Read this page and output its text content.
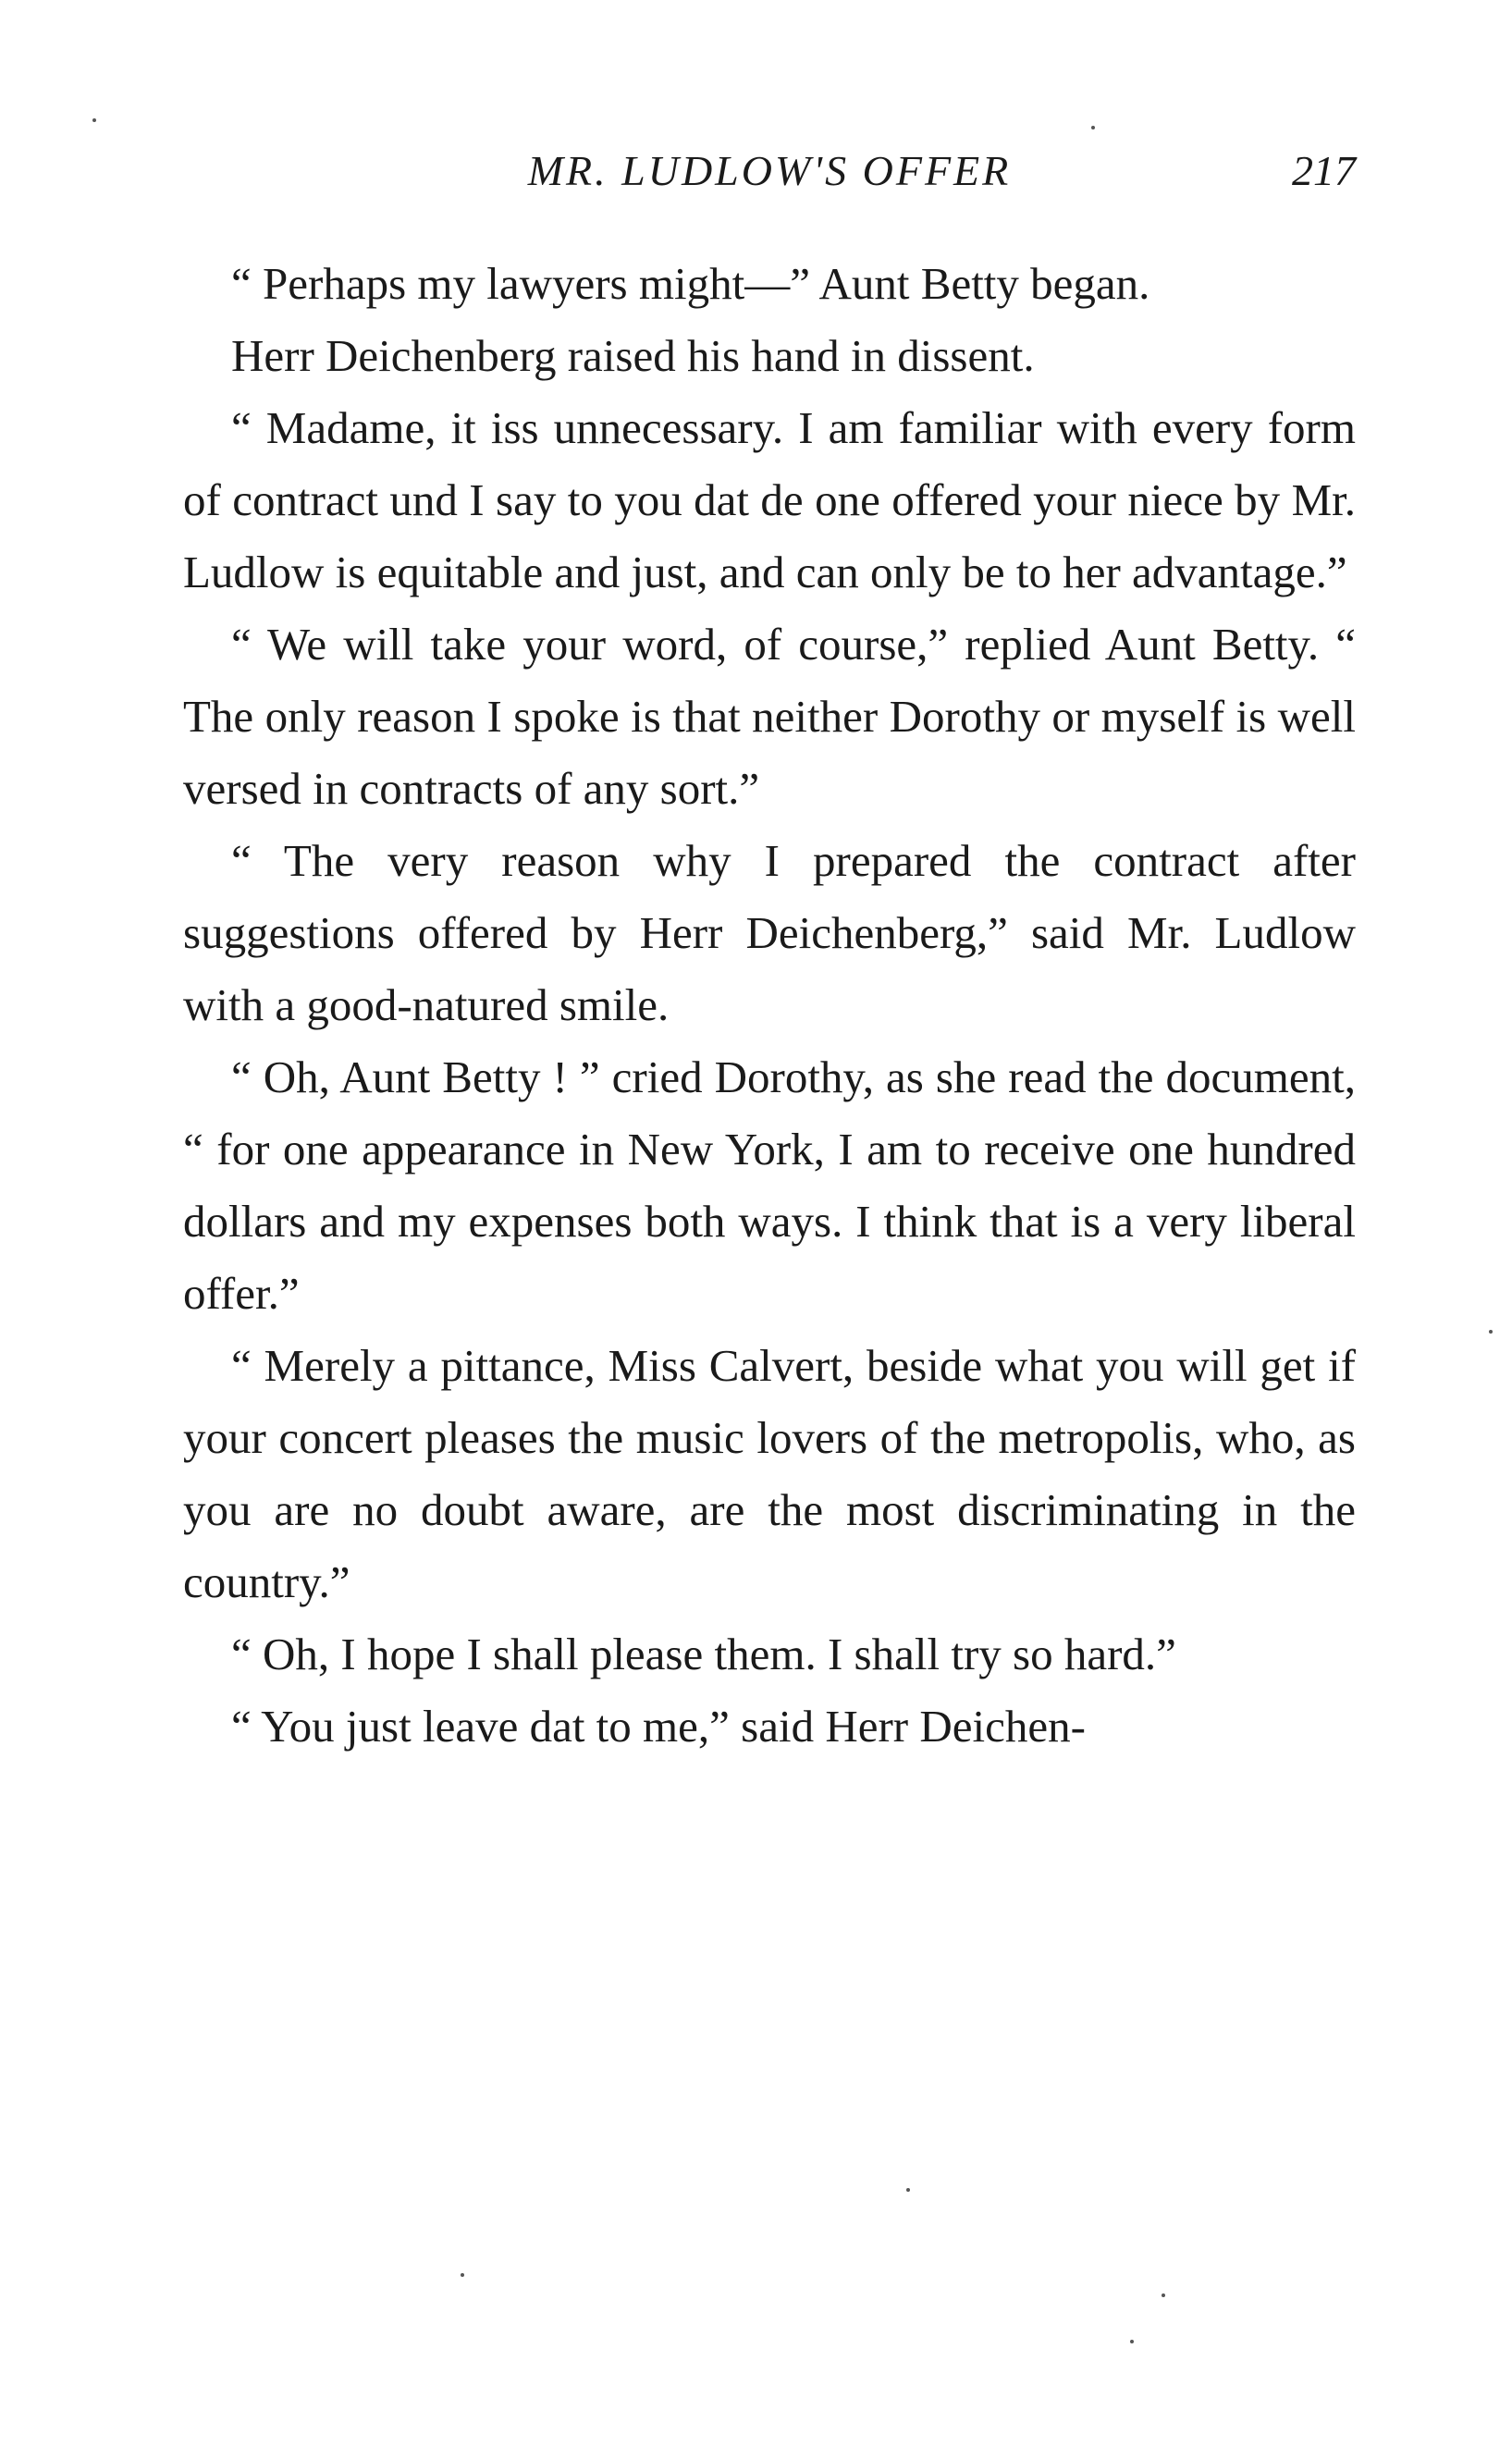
MR. LUDLOW'S OFFER	217

“ Perhaps my lawyers might—” Aunt Betty began.

Herr Deichenberg raised his hand in dissent.

“ Madame, it iss unnecessary. I am familiar with every form of contract und I say to you dat de one offered your niece by Mr. Ludlow is equitable and just, and can only be to her advantage.”

“ We will take your word, of course,” replied Aunt Betty. “ The only reason I spoke is that neither Dorothy or myself is well versed in contracts of any sort.”

“ The very reason why I prepared the contract after suggestions offered by Herr Deichenberg,” said Mr. Ludlow with a good-natured smile.

“ Oh, Aunt Betty ! ” cried Dorothy, as she read the document, “ for one appearance in New York, I am to receive one hundred dollars and my expenses both ways. I think that is a very liberal offer.”

“ Merely a pittance, Miss Calvert, beside what you will get if your concert pleases the music lovers of the metropolis, who, as you are no doubt aware, are the most discriminating in the country.”

“ Oh, I hope I shall please them. I shall try so hard.”

“ You just leave dat to me,” said Herr Deichen-
